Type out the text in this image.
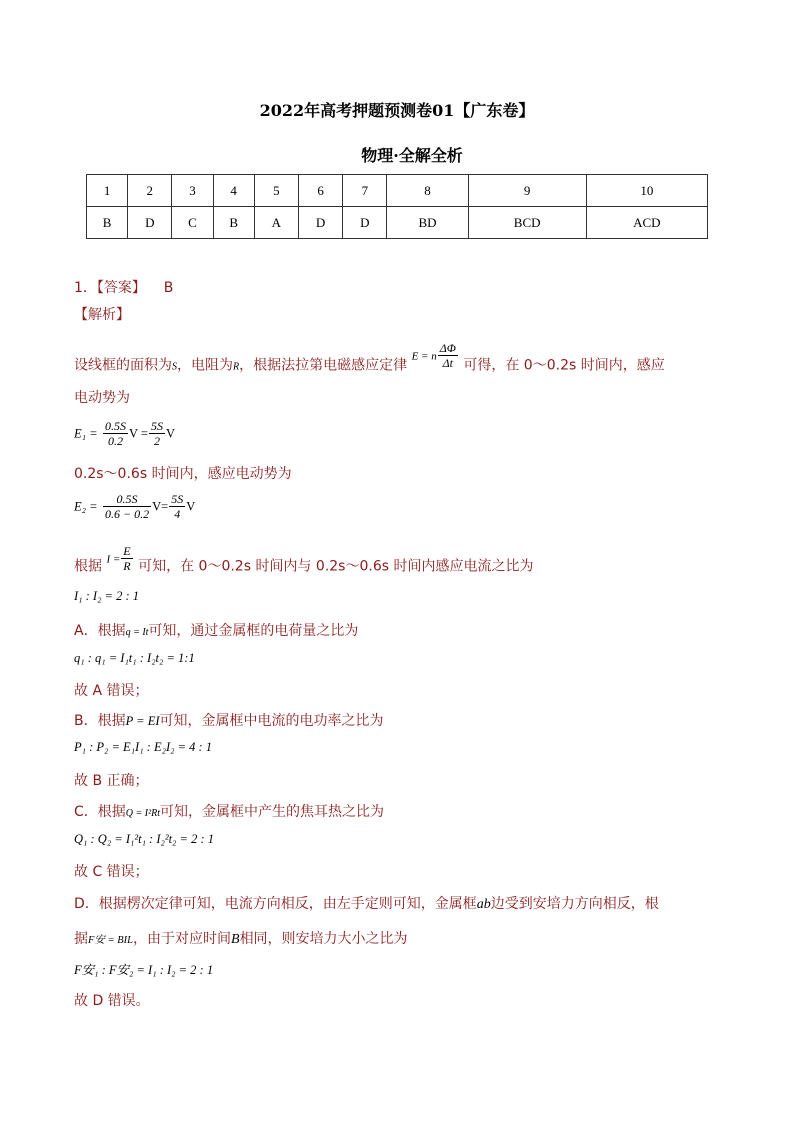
2022年高考押题预测卷01【广东卷】
物理·全解全析
1	2	3	4	5	6	7	8	9	10
B	D	C	B	A	D	D	BD	BCD	ACD
1．【答案】 B
【解析】
设线框的面积为S，电阻为R，根据法拉第电磁感应定律 E = n $\frac{\Delta\Phi}{\Delta t}$ 可得，在 0～0.2s 时间内，感应
电动势为
$E_1 = \frac{0.5S}{0.2}$ $V = \frac{5S}{2}$ V
0.2s～0.6s 时间内，感应电动势为
$E_2 = \frac{0.5S}{0.6 - 0.2} V= \frac{5S}{4}$ V
根据 $I = \frac{E}{R}$ 可知，在 0～0.2s 时间内与 0.2s～0.6s 时间内感应电流之比为
I₁ : I₂ = 2 : 1
A．根据q = It可知，通过金属框的电荷量之比为
q₁ : q₁ = I₁t₁ : I₂t₂ = 1:1
故 A 错误；
B．根据P = EI可知，金属框中电流的电功率之比为
P₁ : P₂ = E₁I₁ : E₂I₂ = 4 : 1
故 B 正确；
C．根据Q = I²Rt可知，金属框中产生的焦耳热之比为
Q₁ : Q₂ = I₁²t₁ : I₂²t₂ = 2 : 1
故 C 错误；
D．根据楞次定律可知，电流方向相反，由左手定则可知，金属框ab边受到安培力方向相反，根
据F安 = BIL，由于对应时间B相同，则安培力大小之比为
F安₁ : F安₂ = I₁ : I₂ = 2 : 1
故 D 错误。
